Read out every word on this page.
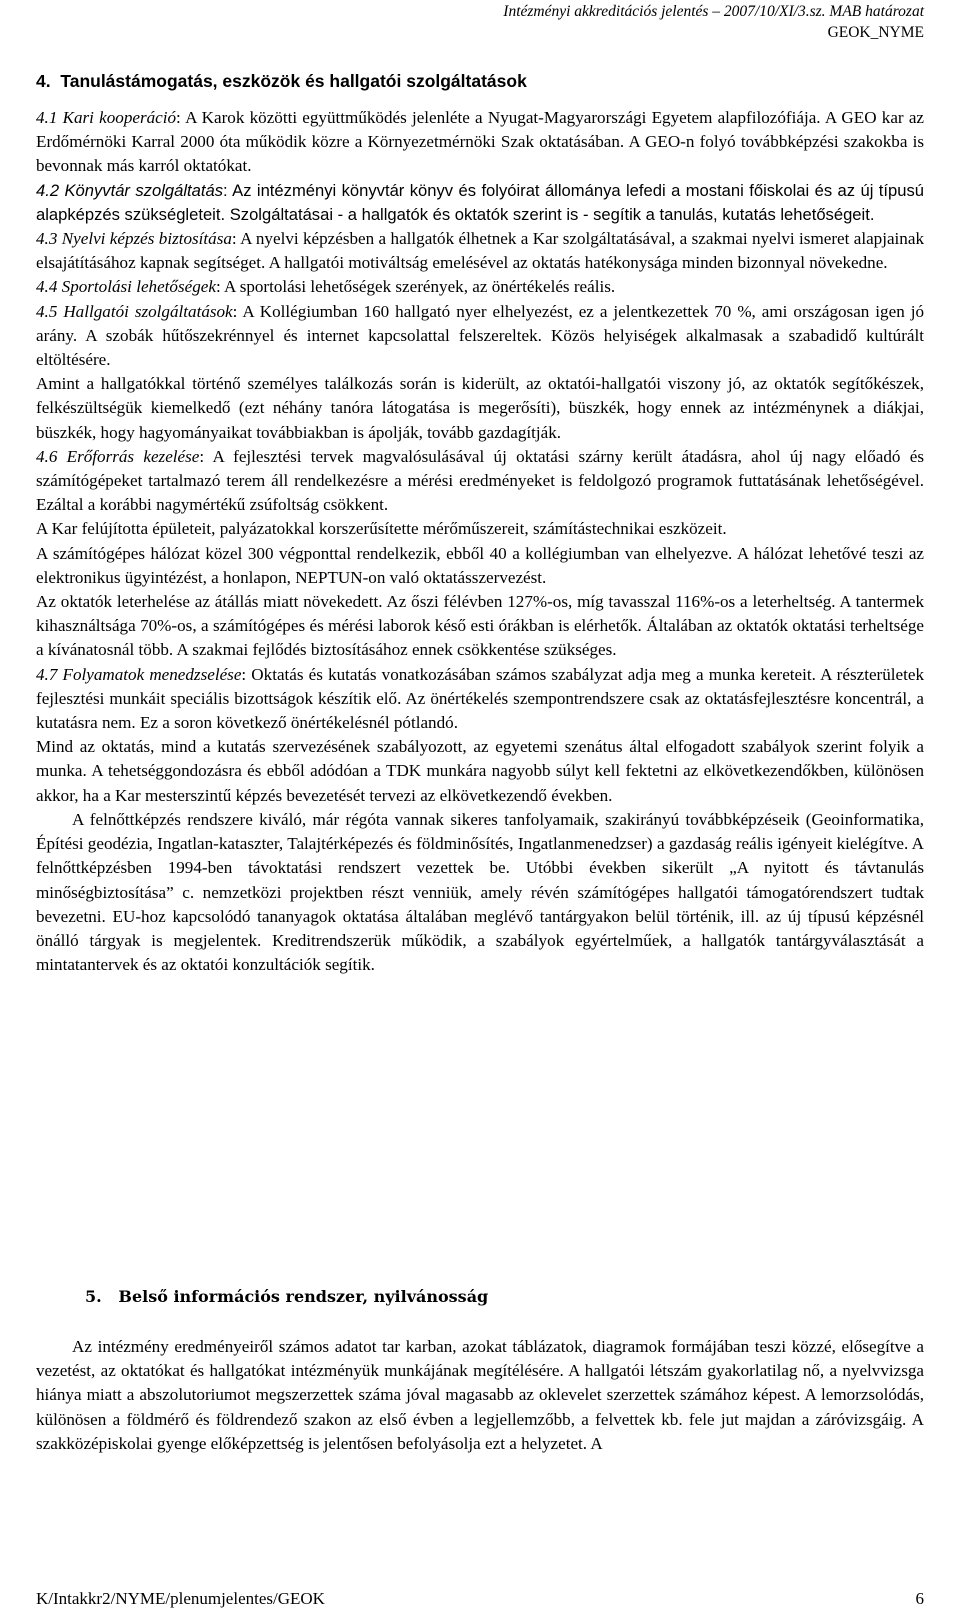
Intézményi akkreditációs jelentés – 2007/10/XI/3.sz. MAB határozat
GEOK_NYME
4.  Tanulástámogatás, eszközök és hallgatói szolgáltatások

4.1 Kari kooperáció: A Karok közötti együttműködés jelenléte a Nyugat-Magyarországi Egyetem alapfilozófiája. A GEO kar az Erdőmérnöki Karral 2000 óta működik közre a Környezetmérnöki Szak oktatásában. A GEO-n folyó továbbképzési szakokba is bevonnak más karról oktatókat.

4.2 Könyvtár szolgáltatás: Az intézményi könyvtár könyv és folyóirat állománya lefedi a mostani főiskolai és az új típusú alapképzés szükségleteit. Szolgáltatásai - a hallgatók és oktatók szerint is - segítik a tanulás, kutatás lehetőségeit.

4.3 Nyelvi képzés biztosítása: A nyelvi képzésben a hallgatók élhetnek a Kar szolgáltatásával, a szakmai nyelvi ismeret alapjainak elsajátításához kapnak segítséget. A hallgatói motiváltság emelésével az oktatás hatékonysága minden bizonnyal növekedne.

4.4 Sportolási lehetőségek: A sportolási lehetőségek szerények, az önértékelés reális.

4.5 Hallgatói szolgáltatások: A Kollégiumban 160 hallgató nyer elhelyezést, ez a jelentkezettek 70 %, ami országosan igen jó arány. A szobák hűtőszekrénnyel és internet kapcsolattal felszereltek. Közös helyiségek alkalmasak a szabadidő kultúrált eltöltésére.

Amint a hallgatókkal történő személyes találkozás során is kiderült, az oktatói-hallgatói viszony jó, az oktatók segítőkészek, felkészültségük kiemelkedő (ezt néhány tanóra látogatása is megerősíti), büszkék, hogy ennek az intézménynek a diákjai, büszkék, hogy hagyományaikat továbbiakban is ápolják, tovább gazdagítják.

4.6 Erőforrás kezelése: A fejlesztési tervek magvalósulásával új oktatási szárny került átadásra, ahol új nagy előadó és számítógépeket tartalmazó terem áll rendelkezésre a mérési eredményeket is feldolgozó programok futtatásának lehetőségével. Ezáltal a korábbi nagymértékű zsúfoltság csökkent.

A Kar felújította épületeit, palyázatokkal korszerűsítette mérőműszereit, számítástechnikai eszközeit.

A számítógépes hálózat közel 300 végponttal rendelkezik, ebből 40 a kollégiumban van elhelyezve. A hálózat lehetővé teszi az elektronikus ügyintézést, a honlapon, NEPTUN-on való oktatásszervezést.

Az oktatók leterhelése az átállás miatt növekedett. Az őszi félévben 127%-os, míg tavasszal 116%-os a leterheltség. A tantermek kihasználtsága 70%-os, a számítógépes és mérési laborok késő esti órákban is elérhetők. Általában az oktatók oktatási terheltsége a kívánatosnál több. A szakmai fejlődés biztosításához ennek csökkentése szükséges.

4.7 Folyamatok menedzselése: Oktatás és kutatás vonatkozásában számos szabályzat adja meg a munka kereteit. A részterületek fejlesztési munkáit speciális bizottságok készítik elő. Az önértékelés szempontrendszere csak az oktatásfejlesztésre koncentrál, a kutatásra nem. Ez a soron következő önértékelésnél pótlandó.

Mind az oktatás, mind a kutatás szervezésének szabályozott, az egyetemi szenátus által elfogadott szabályok szerint folyik a munka. A tehetséggondozásra és ebből adódóan a TDK munkára nagyobb súlyt kell fektetni az elkövetkezendőkben, különösen akkor, ha a Kar mesterszintű képzés bevezetését tervezi az elkövetkezendő években.

A felnőttképzés rendszere kiváló, már régóta vannak sikeres tanfolyamaik, szakirányú továbbképzéseik (Geoinformatika, Építési geodézia, Ingatlan-kataszter, Talajtérképezés és földminősítés, Ingatlanmenedzser) a gazdaság reális igényeit kielégítve. A felnőttképzésben 1994-ben távoktatási rendszert vezettek be. Utóbbi években sikerült „A nyitott és távtanulás minőségbiztosítása” c. nemzetközi projektben részt venniük, amely révén számítógépes hallgatói támogatórendszert tudtak bevezetni. EU-hoz kapcsolódó tananyagok oktatása általában meglévő tantárgyakon belül történik, ill. az új típusú képzésnél önálló tárgyak is megjelentek. Kreditrendszerük működik, a szabályok egyértelműek, a hallgatók tantárgyválasztását a mintatantervek és az oktatói konzultációk segítik.

5.   Belső információs rendszer, nyilvánosság

Az intézmény eredményeiről számos adatot tar karban, azokat táblázatok, diagramok formájában teszi közzé, elősegítve a vezetést, az oktatókat és hallgatókat intézményük munkájának megítélésére. A hallgatói létszám gyakorlatilag nő, a nyelvvizsga hiánya miatt a abszolutoriumot megszerzettek száma jóval magasabb az oklevelet szerzettek számához képest. A lemorzsolódás, különösen a földmérő és földrendező szakon az első évben a legjellemzőbb, a felvettek kb. fele jut majdan a záróvizsgáig. A szakközépiskolai gyenge előképzettség is jelentősen befolyásolja ezt a helyzetet. A

K/Intakkr2/NYME/plenumjelentes/GEOK	6
